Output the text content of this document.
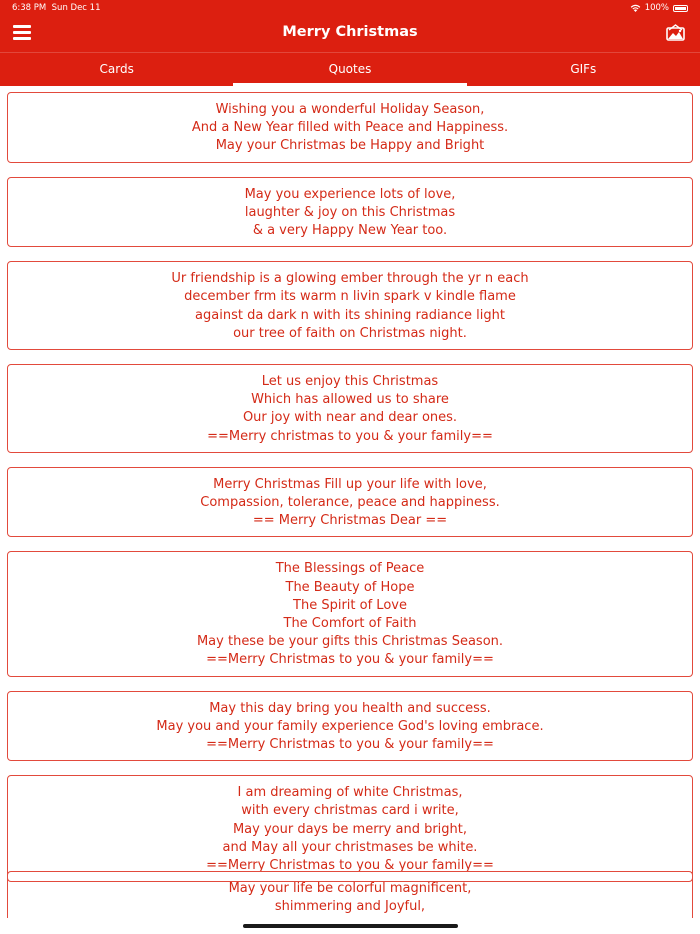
6:38 PM Sun Dec 11	100%
Merry Christmas
Cards	Quotes	GIFs

Wishing you a wonderful Holiday Season,

And a New Year filled with Peace and Happiness.

May your Christmas be Happy and Bright

May you experience lots of love,

laughter & joy on this Christmas

& a very Happy New Year too.

Ur friendship is a glowing ember through the yr n each

december frm its warm n livin spark v kindle flame

against da dark n with its shining radiance light

our tree of faith on Christmas night.

Let us enjoy this Christmas

Which has allowed us to share

Our joy with near and dear ones.

==Merry christmas to you & your family==

Merry Christmas Fill up your life with love,

Compassion, tolerance, peace and happiness.

== Merry Christmas Dear ==

The Blessings of Peace

The Beauty of Hope

The Spirit of Love

The Comfort of Faith

May these be your gifts this Christmas Season.

==Merry Christmas to you & your family==

May this day bring you health and success.

May you and your family experience God's loving embrace.

==Merry Christmas to you & your family==

I am dreaming of white Christmas,

with every christmas card i write,

May your days be merry and bright,

and May all your christmases be white.

==Merry Christmas to you & your family==

May your life be colorful magnificent,

shimmering and Joyful,
